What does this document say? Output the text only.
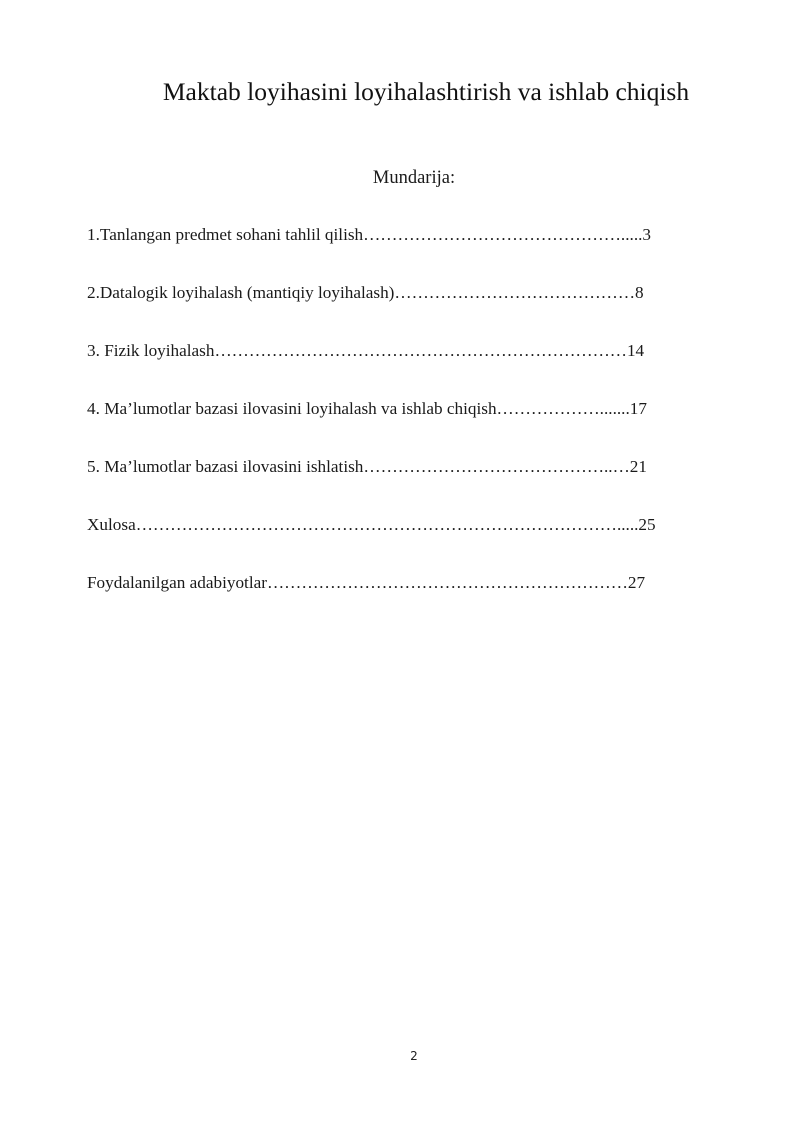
Maktab loyihasini loyihalashtirish va ishlab chiqish
Mundarija:
1.Tanlangan predmet sohani tahlil qilish……………………………………….....3
2.Datalogik loyihalash (mantiqiy loyihalash)……………………………………8
3. Fizik loyihalash………………………………………………………………14
4. Ma’lumotlar bazasi ilovasini loyihalash va ishlab chiqish……………….......17
5. Ma’lumotlar bazasi ilovasini ishlatish……………………………………..…21
Xulosa………………………………………………………………………….....25
Foydalanilgan adabiyotlar………………………………………………………27
2
